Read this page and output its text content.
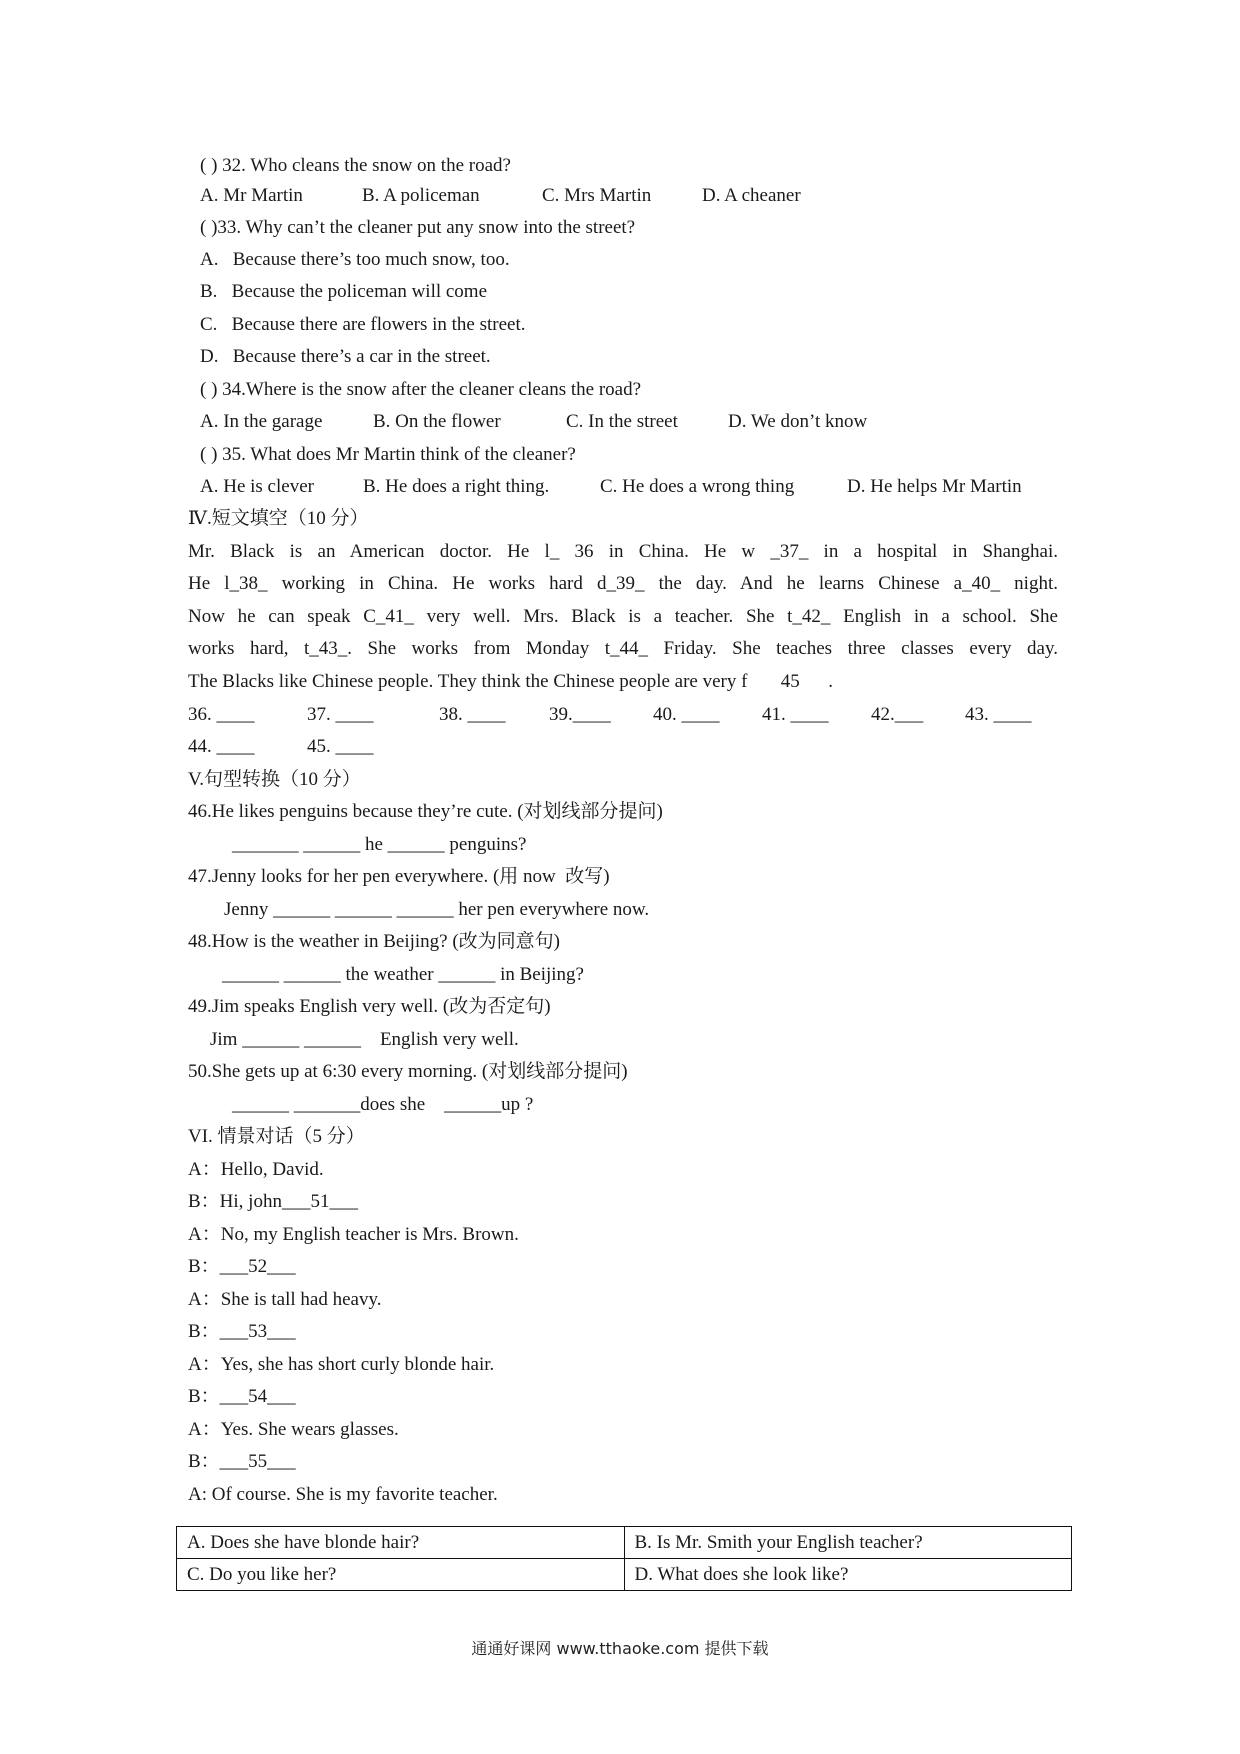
( ) 32. Who cleans the snow on the road?
A. Mr Martin	B. A policeman	C. Mrs Martin	D. A cheaner
( )33. Why can’t the cleaner put any snow into the street?
A.   Because there’s too much snow, too.
B.   Because the policeman will come
C.   Because there are flowers in the street.
D.   Because there’s a car in the street.
( ) 34.Where is the snow after the cleaner cleans the road?
A. In the garage	B. On the flower	C. In the street	D. We don’t know
( ) 35. What does Mr Martin think of the cleaner?
A. He is clever	B. He does a right thing.	C. He does a wrong thing	D. He helps Mr Martin
Ⅳ.短文填空（10 分）
Mr. Black is an American doctor. He l_ 36 in China. He w _37_ in a hospital in Shanghai.
He l_38_ working in China. He works hard d_39_ the day. And he learns Chinese a_40_ night.
Now he can speak C_41_ very well. Mrs. Black is a teacher. She t_42_ English in a school. She
works hard, t_43_. She works from Monday t_44_ Friday. She teaches three classes every day.
The Blacks like Chinese people. They think the Chinese people are very f       45      .
36. ____	37. ____	38. ____ 39.____ 40. ____ 41. ____ 42.___ 43. ____
44. ____	45. ____
V.句型转换（10 分）
46.He likes penguins because they’re cute. (对划线部分提问)
_______ ______ he ______ penguins?
47.Jenny looks for her pen everywhere. (用 now  改写)
Jenny ______ ______ ______ her pen everywhere now.
48.How is the weather in Beijing? (改为同意句)
______ ______ the weather ______ in Beijing?
49.Jim speaks English very well. (改为否定句)
Jim ______ ______    English very well.
50.She gets up at 6:30 every morning. (对划线部分提问)
______ _______does she    ______up ?
VI. 情景对话（5 分）
A：Hello, David.
B：Hi, john___51___
A：No, my English teacher is Mrs. Brown.
B：___52___
A：She is tall had heavy.
B：___53___
A：Yes, she has short curly blonde hair.
B：___54___
A：Yes. She wears glasses.
B：___55___
A: Of course. She is my favorite teacher.
A. Does she have blonde hair?	B. Is Mr. Smith your English teacher?
C. Do you like her?	D. What does she look like?
通通好课网 www.tthaoke.com 提供下载
